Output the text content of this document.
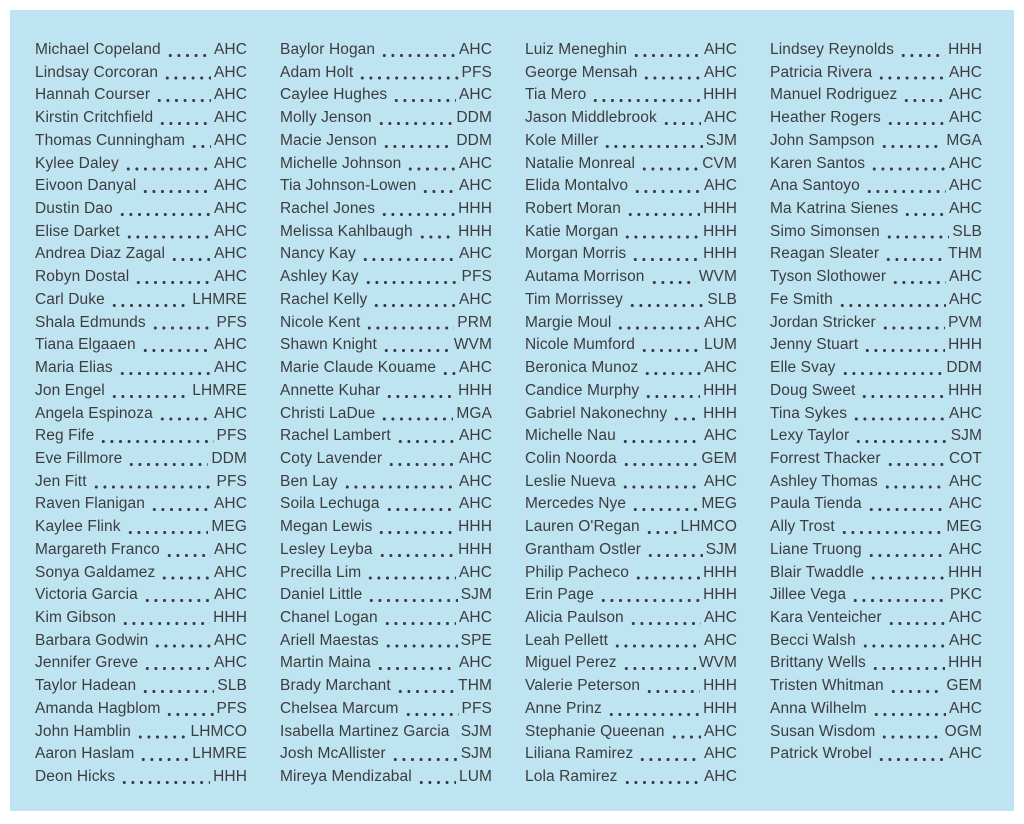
Michael Copeland	AHC
Lindsay Corcoran	AHC
Hannah Courser	AHC
Kirstin Critchfield	AHC
Thomas Cunningham AHC
Kylee Daley	AHC
Eivoon Danyal	AHC
Dustin Dao	AHC
Elise Darket	AHC
Andrea Diaz Zagal	AHC
Robyn Dostal	AHC
Carl Duke	LHMRE
Shala Edmunds	PFS
Tiana Elgaaen	AHC
Maria Elias	AHC
Jon Engel	LHMRE
Angela Espinoza	AHC
Reg Fife	PFS
Eve Fillmore	DDM
Jen Fitt	PFS
Raven Flanigan	AHC
Kaylee Flink	MEG
Margareth Franco	AHC
Sonya Galdamez	AHC
Victoria Garcia	AHC
Kim Gibson	HHH
Barbara Godwin	AHC
Jennifer Greve	AHC
Taylor Hadean	SLB
Amanda Hagblom	PFS
John Hamblin	LHMCO
Aaron Haslam	LHMRE
Deon Hicks	HHH
Baylor Hogan	AHC
Adam Holt	PFS
Caylee Hughes	AHC
Molly Jenson	DDM
Macie Jenson	DDM
Michelle Johnson	AHC
Tia Johnson-Lowen	AHC
Rachel Jones	HHH
Melissa Kahlbaugh	HHH
Nancy Kay	AHC
Ashley Kay	PFS
Rachel Kelly	AHC
Nicole Kent	PRM
Shawn Knight	WVM
Marie Claude Kouame AHC
Annette Kuhar	HHH
Christi LaDue	MGA
Rachel Lambert	AHC
Coty Lavender	AHC
Ben Lay	AHC
Soila Lechuga	AHC
Megan Lewis	HHH
Lesley Leyba	HHH
Precilla Lim	AHC
Daniel Little	SJM
Chanel Logan	AHC
Ariell Maestas	SPE
Martin Maina	AHC
Brady Marchant	THM
Chelsea Marcum	PFS
Isabella Martinez Garcia SJM
Josh McAllister	SJM
Mireya Mendizabal	LUM
Luiz Meneghin	AHC
George Mensah	AHC
Tia Mero	HHH
Jason Middlebrook	AHC
Kole Miller	SJM
Natalie Monreal	CVM
Elida Montalvo	AHC
Robert Moran	HHH
Katie Morgan	HHH
Morgan Morris	HHH
Autama Morrison	WVM
Tim Morrissey	SLB
Margie Moul	AHC
Nicole Mumford	LUM
Beronica Munoz	AHC
Candice Murphy	HHH
Gabriel Nakonechny HHH
Michelle Nau	AHC
Colin Noorda	GEM
Leslie Nueva	AHC
Mercedes Nye	MEG
Lauren O'Regan	LHMCO
Grantham Ostler	SJM
Philip Pacheco	HHH
Erin Page	HHH
Alicia Paulson	AHC
Leah Pellett	AHC
Miguel Perez	WVM
Valerie Peterson	HHH
Anne Prinz	HHH
Stephanie Queenan	AHC
Liliana Ramirez	AHC
Lola Ramirez	AHC
Lindsey Reynolds	HHH
Patricia Rivera	AHC
Manuel Rodriguez	AHC
Heather Rogers	AHC
John Sampson	MGA
Karen Santos	AHC
Ana Santoyo	AHC
Ma Katrina Sienes	AHC
Simo Simonsen	SLB
Reagan Sleater	THM
Tyson Slothower	AHC
Fe Smith	AHC
Jordan Stricker	PVM
Jenny Stuart	HHH
Elle Svay	DDM
Doug Sweet	HHH
Tina Sykes	AHC
Lexy Taylor	SJM
Forrest Thacker	COT
Ashley Thomas	AHC
Paula Tienda	AHC
Ally Trost	MEG
Liane Truong	AHC
Blair Twaddle	HHH
Jillee Vega	PKC
Kara Venteicher	AHC
Becci Walsh	AHC
Brittany Wells	HHH
Tristen Whitman	GEM
Anna Wilhelm	AHC
Susan Wisdom	OGM
Patrick Wrobel	AHC
